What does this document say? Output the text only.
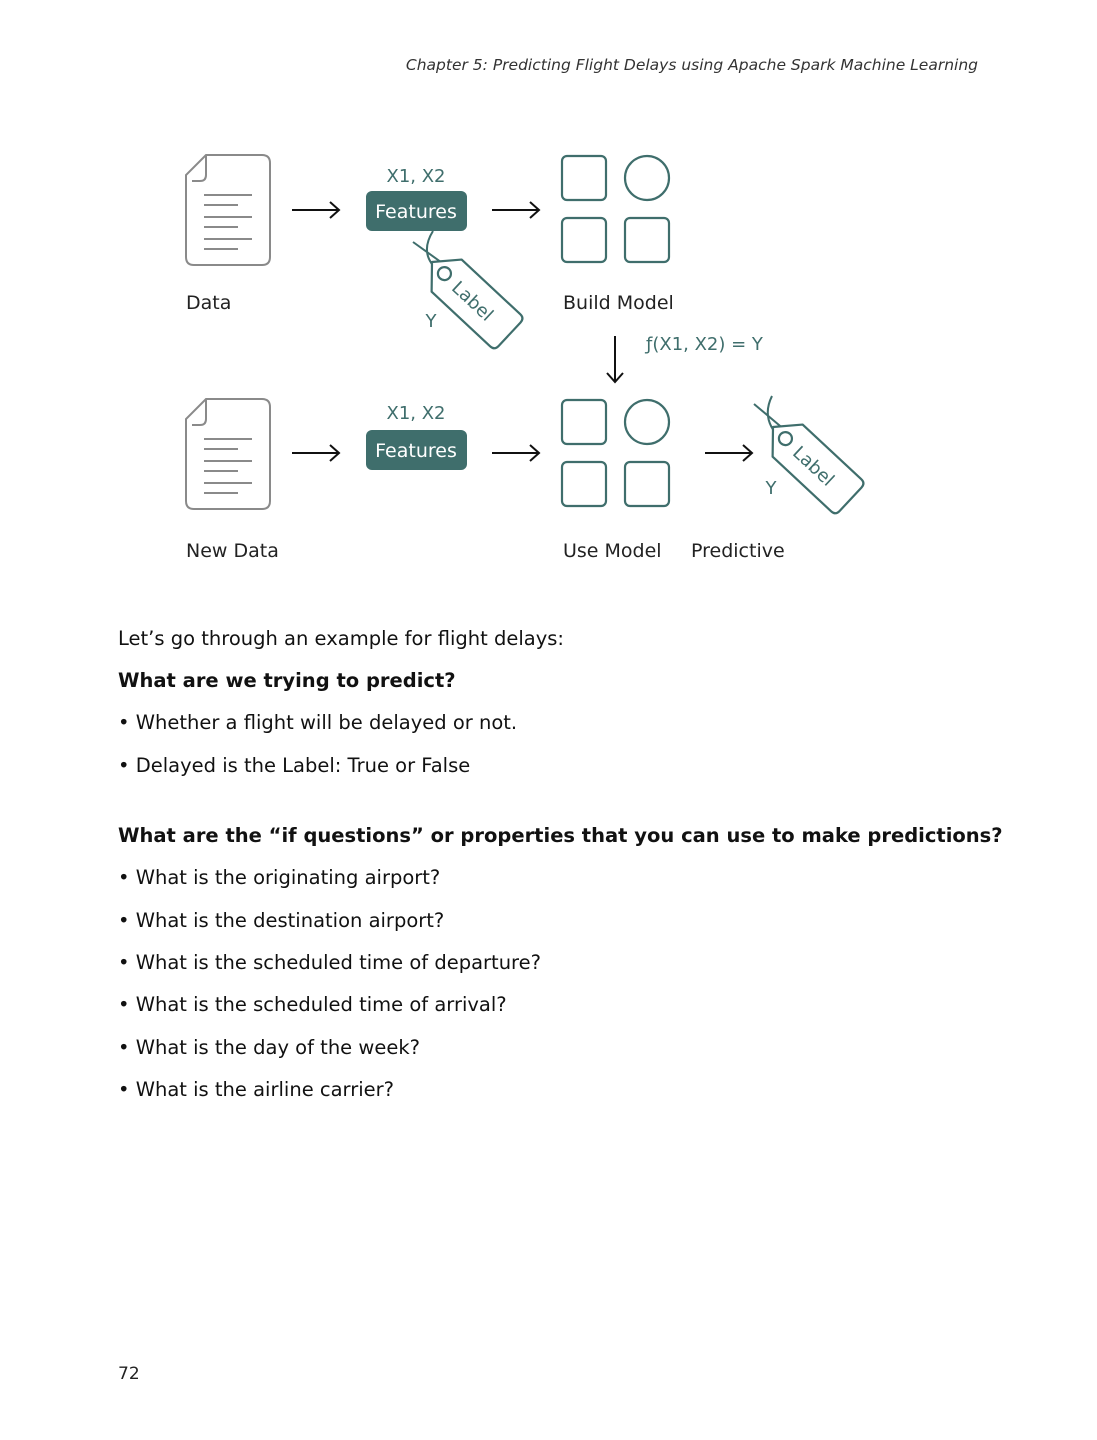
Chapter 5: Predicting Flight Delays using Apache Spark Machine Learning
Features
Features
X1, X2
X1, X2
Label
Y
Label
Y
ƒ(X1, X2) = Y
Data
New Data
Build Model
Use Model Predictive
Let’s go through an example for flight delays:
What are we trying to predict?
• Whether a flight will be delayed or not.
• Delayed is the Label: True or False
What are the “if questions” or properties that you can use to make predictions?
• What is the originating airport?
• What is the destination airport?
• What is the scheduled time of departure?
• What is the scheduled time of arrival?
• What is the day of the week?
• What is the airline carrier?
72
